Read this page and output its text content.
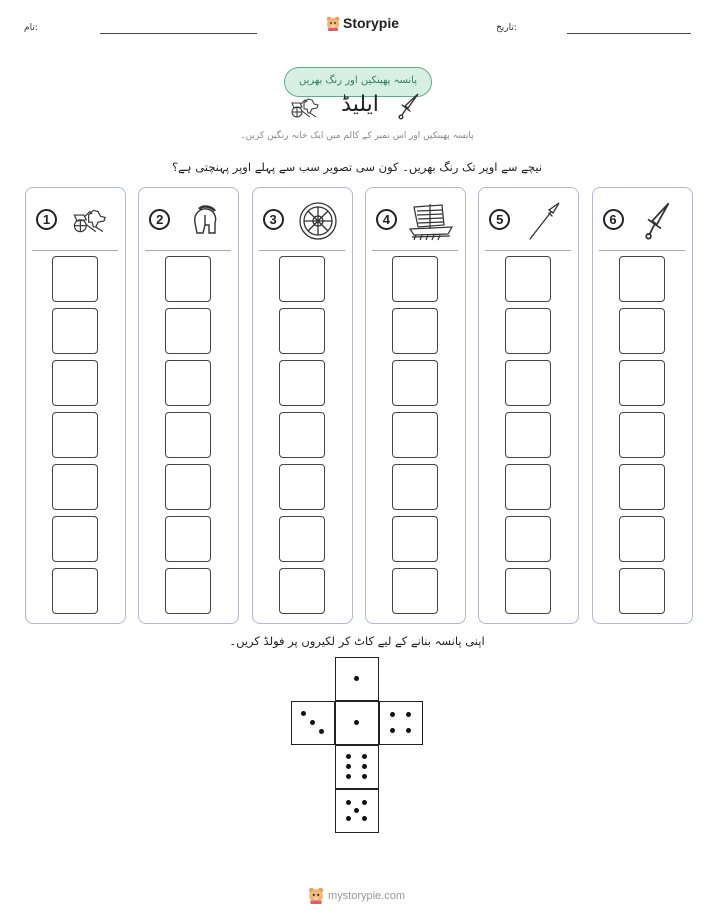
نام:	Storypie	تاریخ:
پانسہ پھینکیں اور رنگ بھریں
ایلیڈ
پانسہ پھینکیں اور اس نمبر کے کالم میں ایک خانہ رنگین کریں۔
نیچے سے اوپر تک رنگ بھریں۔ کون سی تصویر سب سے پہلے اوپر پہنچتی ہے؟
1	2	3	4	5	6
اپنی پانسہ بنانے کے لیے کاٹ کر لکیروں پر فولڈ کریں۔
mystorypie.com
